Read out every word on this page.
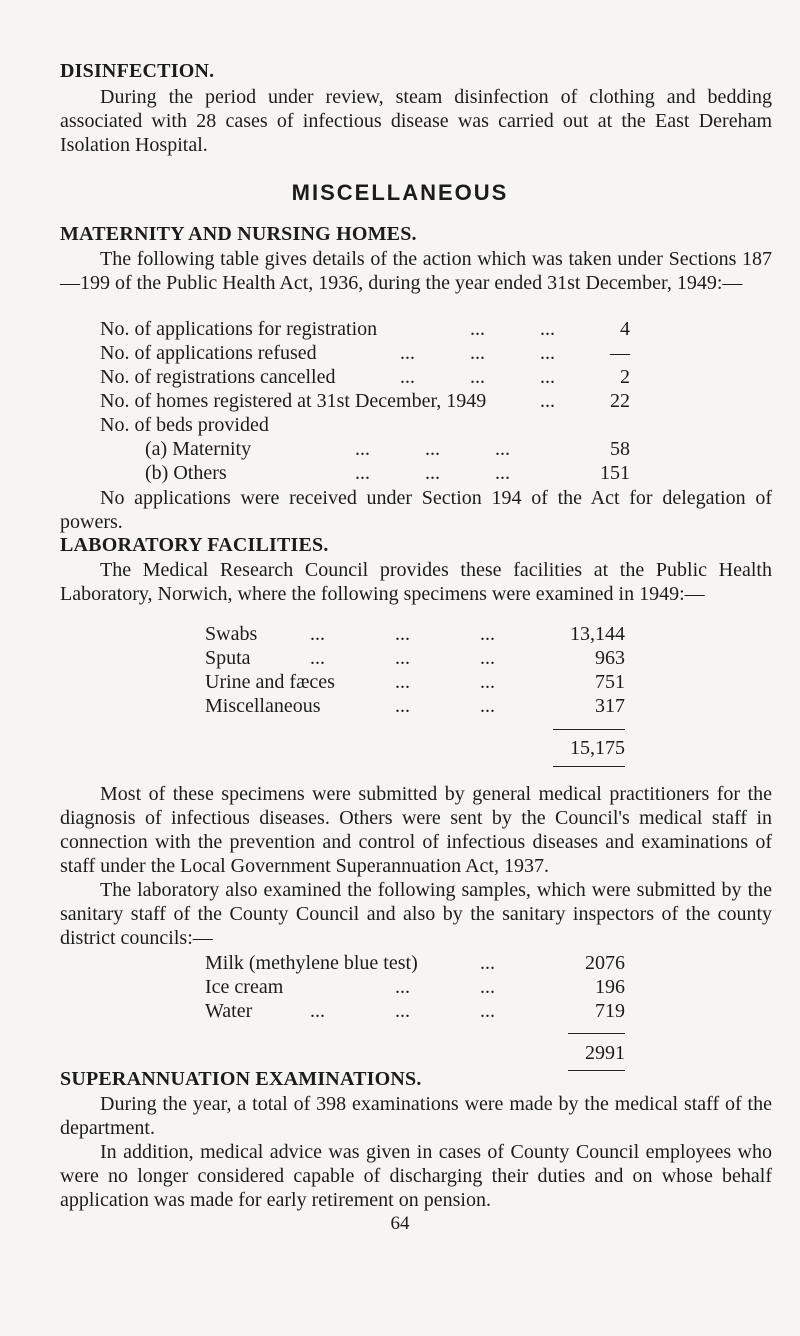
DISINFECTION.

During the period under review, steam disinfection of clothing and bedding associated with 28 cases of infectious disease was carried out at the East Dereham Isolation Hospital.

MISCELLANEOUS
MATERNITY AND NURSING HOMES.

The following table gives details of the action which was taken under Sections 187—199 of the Public Health Act, 1936, during the year ended 31st December, 1949:—

No. of applications for registration	...	...	4
No. of applications refused	...	...	...	—
No. of registrations cancelled	...	...	...	2
No. of homes registered at 31st December, 1949	...	22
No. of beds provided
(a) Maternity	...	...	...	58
(b) Others	...	...	...	151

No applications were received under Section 194 of the Act for delegation of powers.

LABORATORY FACILITIES.

The Medical Research Council provides these facilities at the Public Health Laboratory, Norwich, where the following specimens were examined in 1949:—

Swabs	...	...	...	13,144
Sputa	...	...	...	963
Urine and fæces	...	...	751
Miscellaneous	...	...	317
15,175

Most of these specimens were submitted by general medical practitioners for the diagnosis of infectious diseases. Others were sent by the Council's medical staff in connection with the prevention and control of infectious diseases and examinations of staff under the Local Government Superannuation Act, 1937.

The laboratory also examined the following samples, which were submitted by the sanitary staff of the County Council and also by the sanitary inspectors of the county district councils:—

Milk (methylene blue test)	...	2076
Ice cream	...	...	196
Water	...	...	...	719
2991
SUPERANNUATION EXAMINATIONS.

During the year, a total of 398 examinations were made by the medical staff of the department.

In addition, medical advice was given in cases of County Council employees who were no longer considered capable of discharging their duties and on whose behalf application was made for early retirement on pension.

64
